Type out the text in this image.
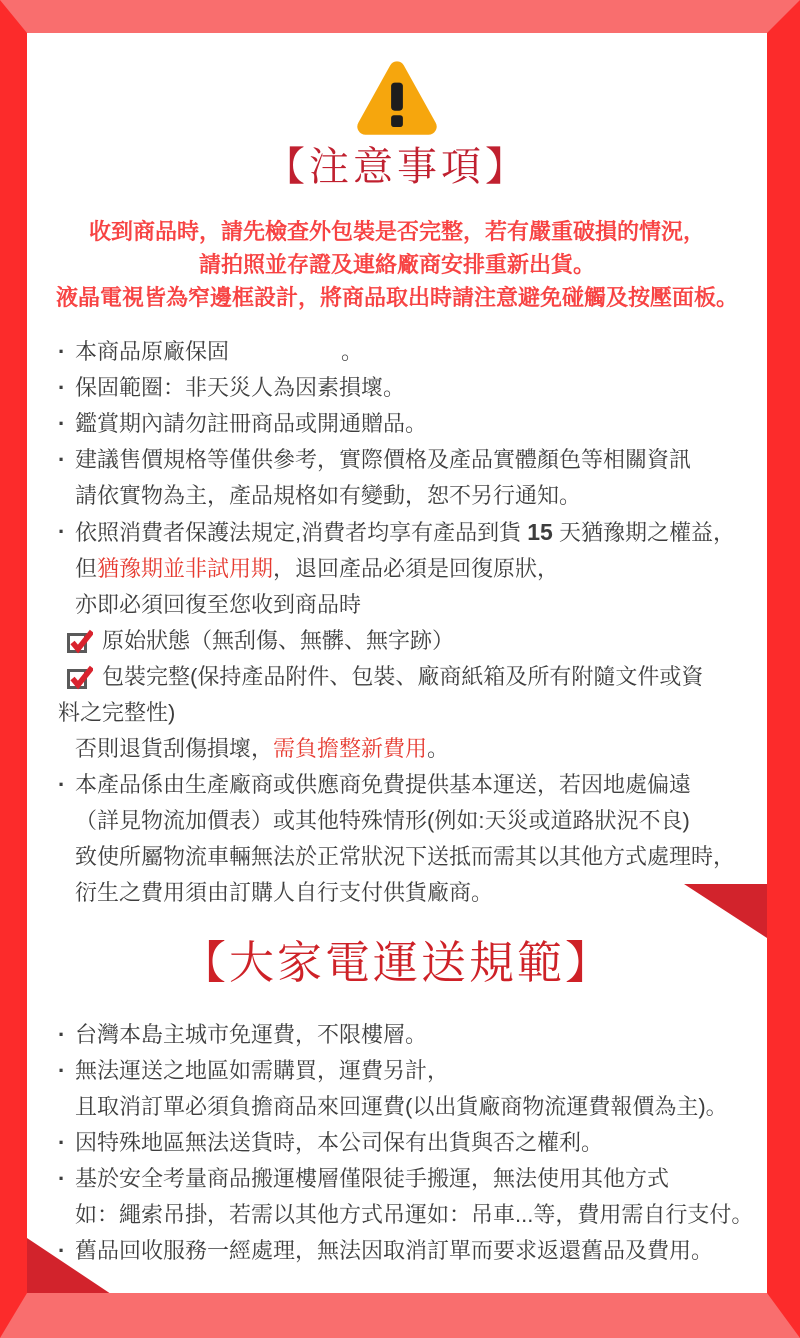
【注意事項】
收到商品時，請先檢查外包裝是否完整，若有嚴重破損的情況，
請拍照並存證及連絡廠商安排重新出貨。
液晶電視皆為窄邊框設計，將商品取出時請注意避免碰觸及按壓面板。
· 本商品原廠保固	。
· 保固範圈：非天災人為因素損壞。
· 鑑賞期內請勿註冊商品或開通贈品。
· 建議售價規格等僅供參考，實際價格及產品實體顏色等相關資訊
請依實物為主，產品規格如有變動，恕不另行通知。
· 依照消費者保護法規定,消費者均享有產品到貨 15 天猶豫期之權益，
但猶豫期並非試用期，退回產品必須是回復原狀，
亦即必須回復至您收到商品時
原始狀態（無刮傷、無髒、無字跡）
包裝完整(保持產品附件、包裝、廠商紙箱及所有附隨文件或資
料之完整性)
否則退貨刮傷損壞，需負擔整新費用。
· 本產品係由生產廠商或供應商免費提供基本運送，若因地處偏遠
（詳見物流加價表）或其他特殊情形(例如:天災或道路狀況不良)
致使所屬物流車輛無法於正常狀況下送抵而需其以其他方式處理時，
衍生之費用須由訂購人自行支付供貨廠商。
【大家電運送規範】
· 台灣本島主城市免運費，不限樓層。
· 無法運送之地區如需購買，運費另計，
且取消訂單必須負擔商品來回運費(以出貨廠商物流運費報價為主)。
· 因特殊地區無法送貨時，本公司保有出貨與否之權利。
· 基於安全考量商品搬運樓層僅限徒手搬運，無法使用其他方式
如：繩索吊掛，若需以其他方式吊運如：吊車...等，費用需自行支付。
· 舊品回收服務一經處理，無法因取消訂單而要求返還舊品及費用。
